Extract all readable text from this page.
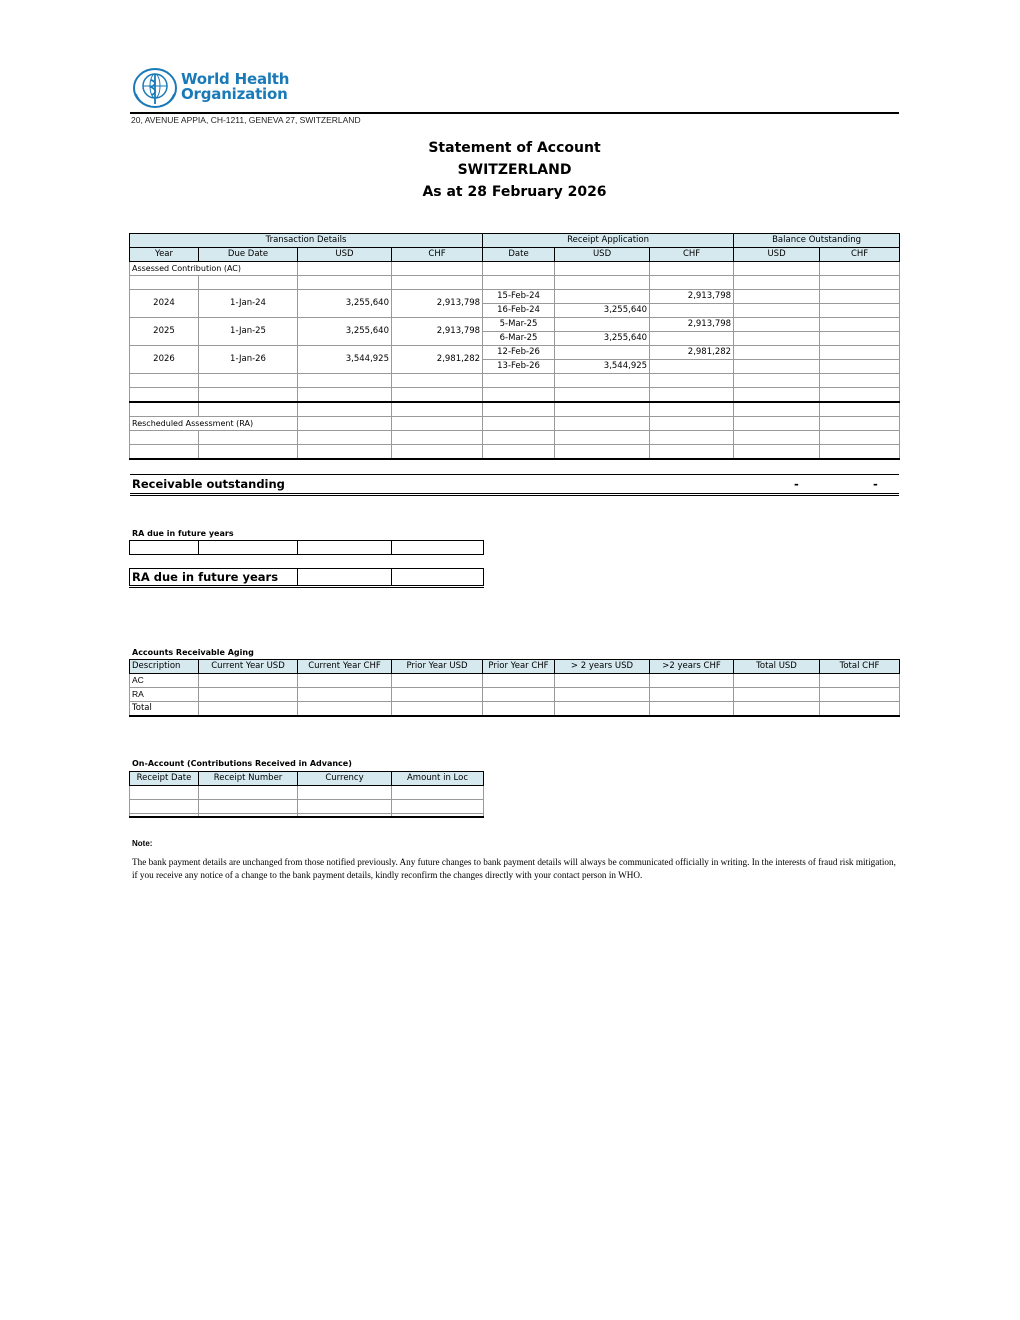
World Health
Organization
20, AVENUE APPIA, CH-1211, GENEVA 27, SWITZERLAND
Statement of Account
SWITZERLAND
As at 28 February 2026
Transaction Details				Receipt Application			Balance Outstanding	
Year	Due Date	USD	CHF	Date	USD	CHF	USD	CHF
Assessed Contribution (AC)								

2024	1-Jan-24	3,255,640	2,913,798	15-Feb-24		2,913,798		
				16-Feb-24	3,255,640			
2025	1-Jan-25	3,255,640	2,913,798	5-Mar-25		2,913,798		
				6-Mar-25	3,255,640			
2026	1-Jan-26	3,544,925	2,981,282	12-Feb-26		2,981,282		
				13-Feb-26	3,544,925			

Rescheduled Assessment (RA)								

Receivable outstanding	-	-
RA due in future years

RA due in future years		
Accounts Receivable Aging
Description	Current Year USD	Current Year CHF	Prior Year USD	Prior Year CHF	> 2 years USD	>2 years CHF	Total USD	Total CHF
AC								
RA								
Total								
On-Account (Contributions Received in Advance)
Receipt Date	Receipt Number	Currency	Amount in Loc

Note:
The bank payment details are unchanged from those notified previously. Any future changes to bank payment details will always be communicated officially in writing. In the interests of fraud risk mitigation, if you receive any notice of a change to the bank payment details, kindly reconfirm the changes directly with your contact person in WHO.
